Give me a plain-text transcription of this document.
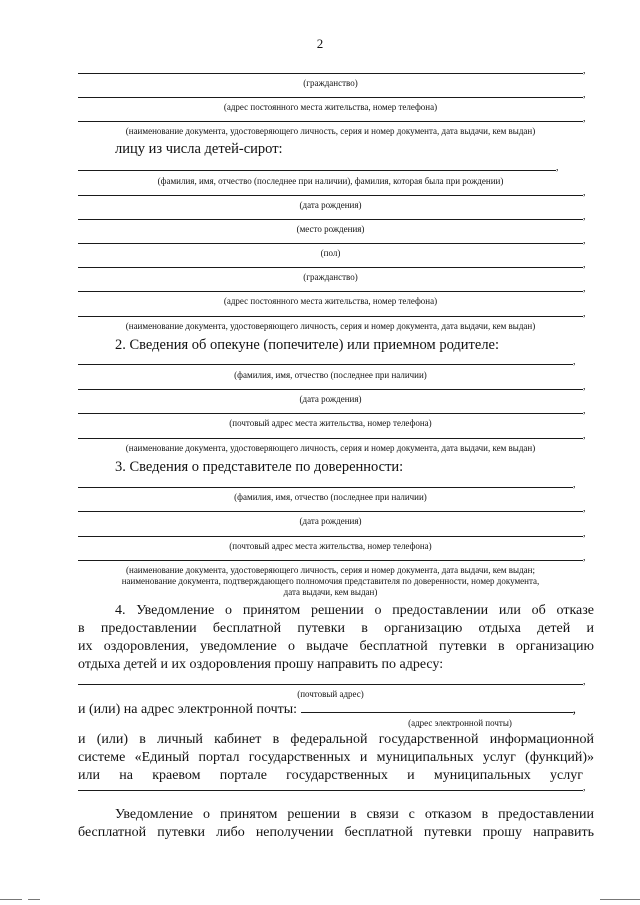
2
,
(гражданство)
,
(адрес постоянного места жительства, номер телефона)
,
(наименование документа, удостоверяющего личность, серия и номер документа, дата выдачи, кем выдан)
лицу из числа детей-сирот:
,
(фамилия, имя, отчество (последнее при наличии), фамилия, которая была при рождении)
,
(дата рождения)
,
(место рождения)
,
(пол)
,
(гражданство)
,
(адрес постоянного места жительства, номер телефона)
,
(наименование документа, удостоверяющего личность, серия и номер документа, дата выдачи, кем выдан)
2. Сведения об опекуне (попечителе) или приемном родителе:
,
(фамилия, имя, отчество (последнее при наличии)
,
(дата рождения)
,
(почтовый адрес места жительства, номер телефона)
,
(наименование документа, удостоверяющего личность, серия и номер документа, дата выдачи, кем выдан)
3. Сведения о представителе по доверенности:
,
(фамилия, имя, отчество (последнее при наличии)
,
(дата рождения)
,
(почтовый адрес места жительства, номер телефона)
,
(наименование документа, удостоверяющего личность, серия и номер документа, дата выдачи, кем выдан;
наименование документа, подтверждающего полномочия представителя по доверенности, номер документа,
дата выдачи, кем выдан)
4. Уведомление о принятом решении о предоставлении или об отказе
в предоставлении бесплатной путевки в организацию отдыха детей и
их оздоровления, уведомление о выдаче бесплатной путевки в организацию
отдыха детей и их оздоровления прошу направить по адресу:
,
(почтовый адрес)
и (или) на адрес электронной почты:	,
(адрес электронной почты)
и (или) в личный кабинет в федеральной государственной информационной
системе «Единый портал государственных и муниципальных услуг (функций)»
или на краевом портале государственных и муниципальных услуг
,
Уведомление о принятом решении в связи с отказом в предоставлении
бесплатной путевки либо неполучении бесплатной путевки прошу направить
